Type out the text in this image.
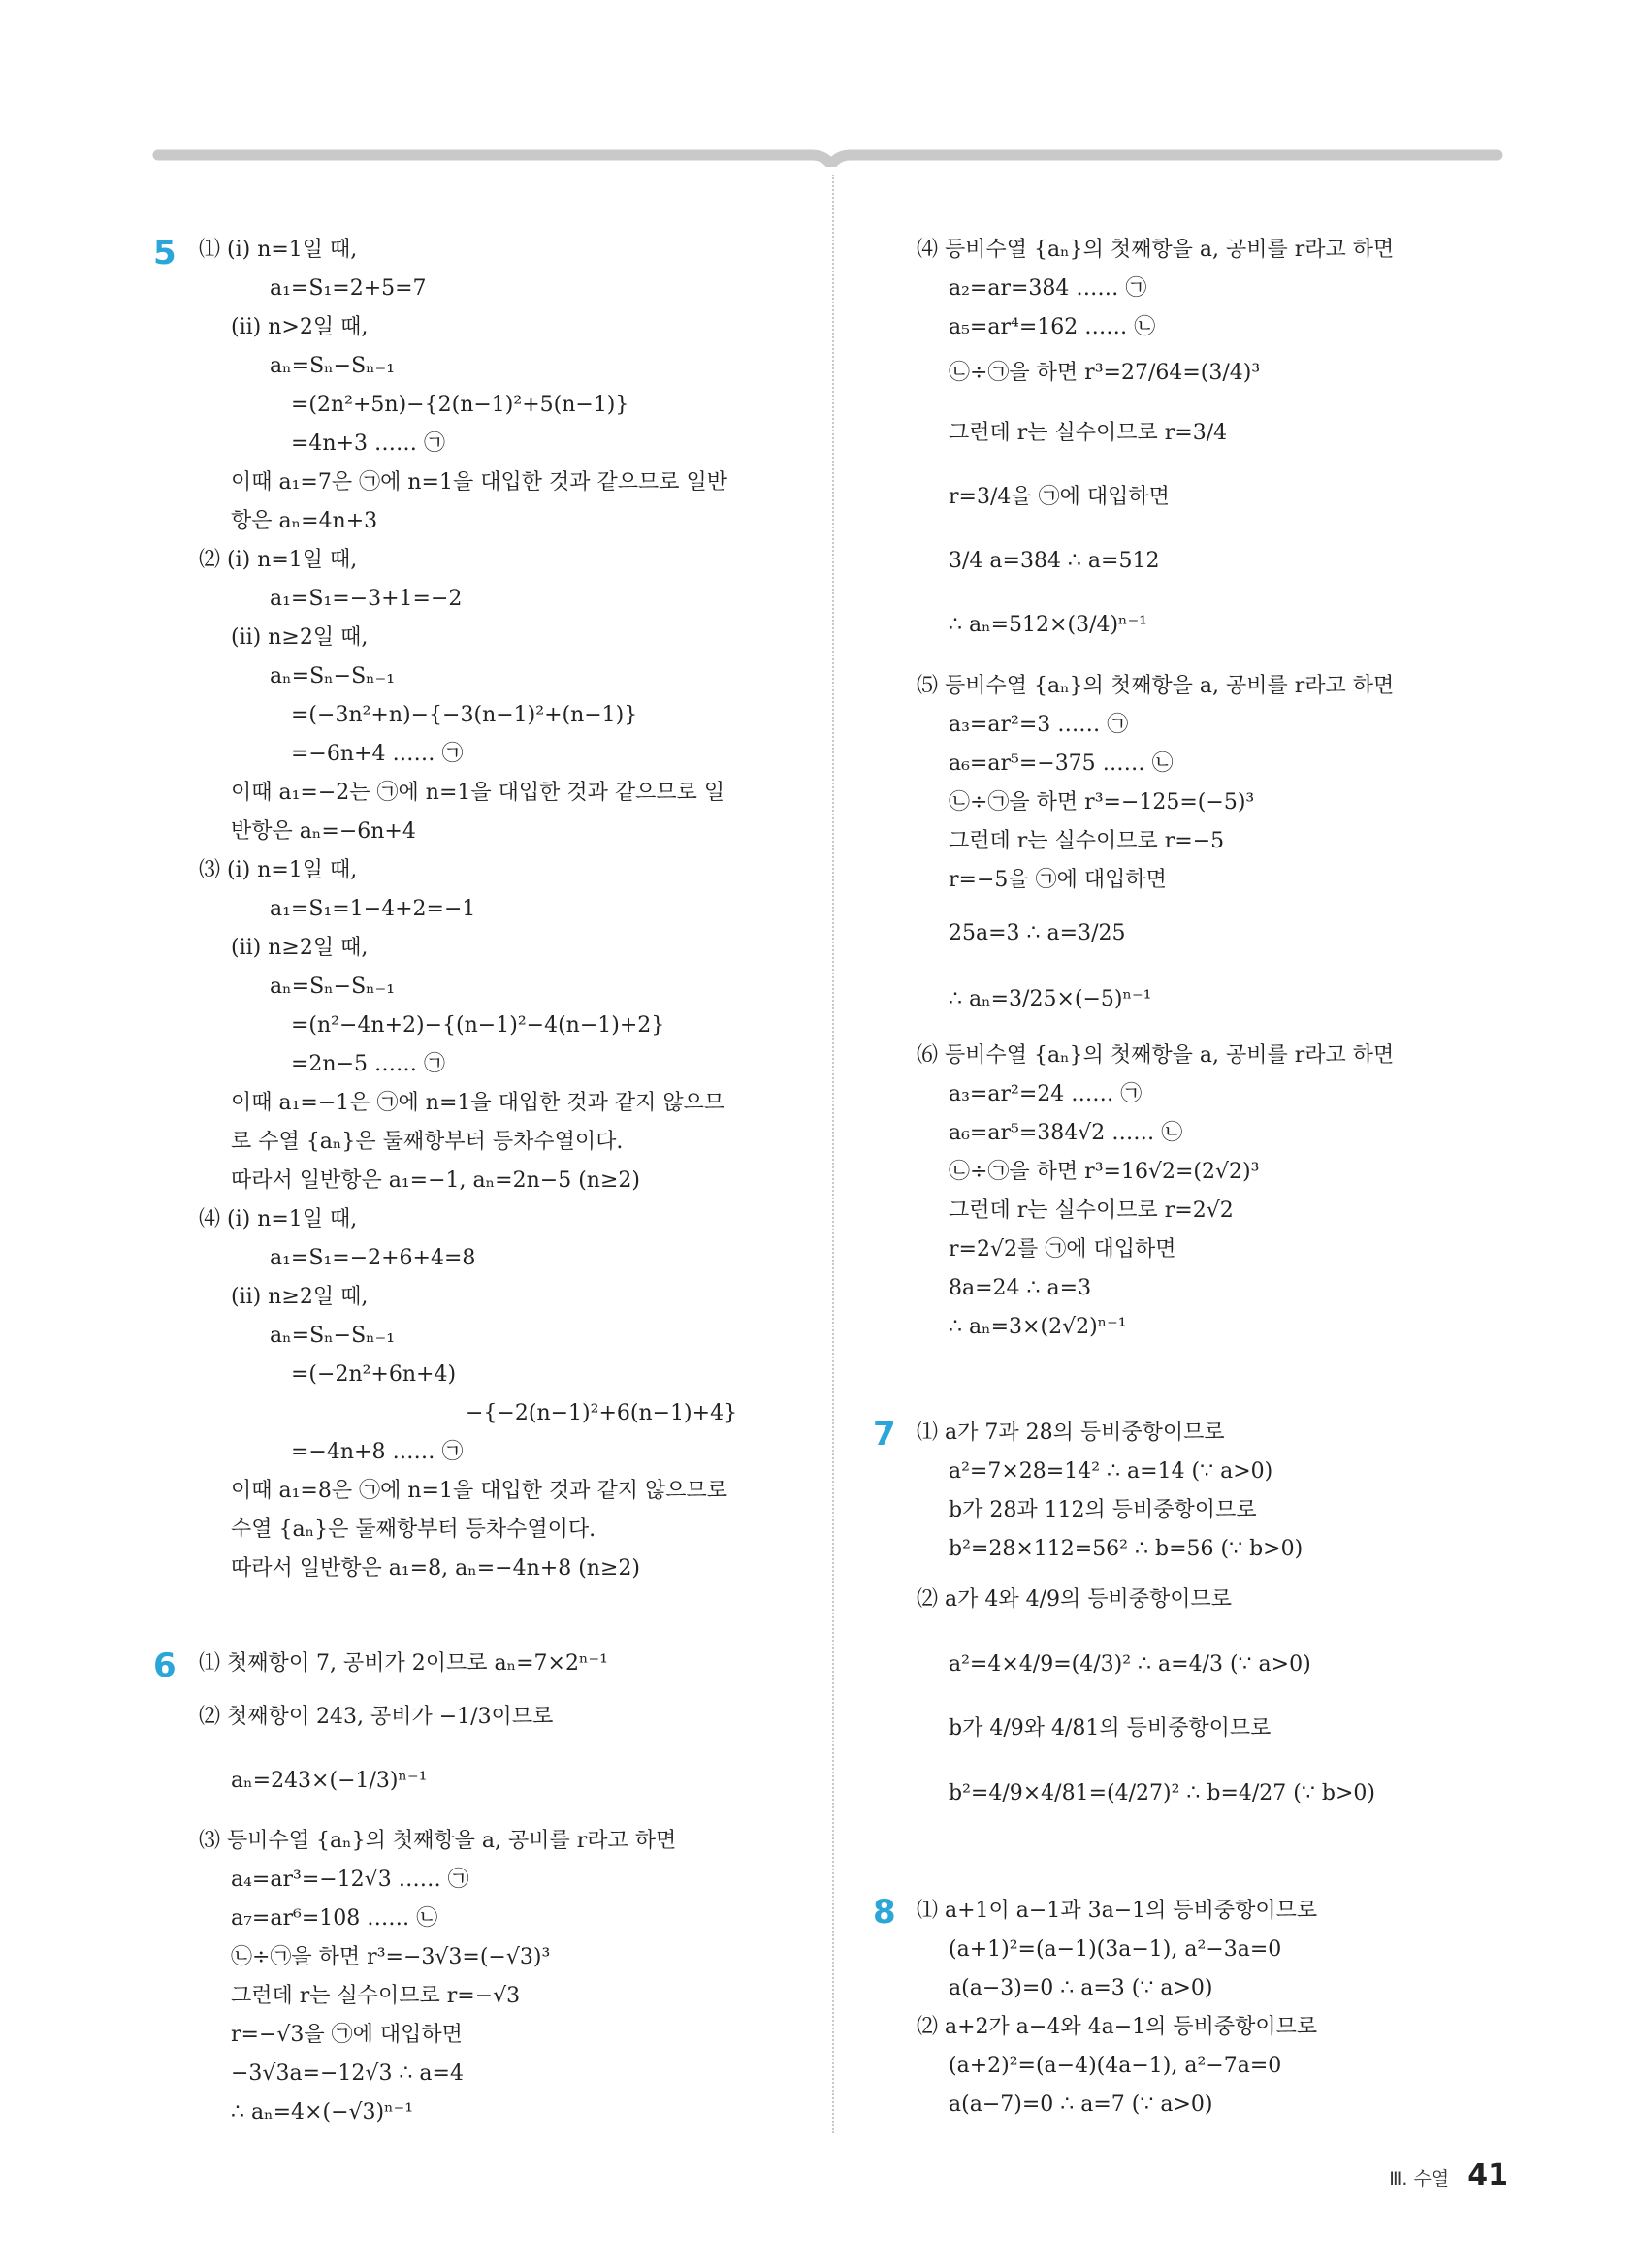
5
6
7
8
⑴ (ⅰ) n=1일 때,
a₁=S₁=2+5=7
(ⅱ) n>2일 때,
aₙ=Sₙ−Sₙ₋₁
=(2n²+5n)−{2(n−1)²+5(n−1)}
=4n+3 …… ㉠
이때 a₁=7은 ㉠에 n=1을 대입한 것과 같으므로 일반
항은 aₙ=4n+3
⑵ (ⅰ) n=1일 때,
a₁=S₁=−3+1=−2
(ⅱ) n≥2일 때,
aₙ=Sₙ−Sₙ₋₁
=(−3n²+n)−{−3(n−1)²+(n−1)}
=−6n+4 …… ㉠
이때 a₁=−2는 ㉠에 n=1을 대입한 것과 같으므로 일
반항은 aₙ=−6n+4
⑶ (ⅰ) n=1일 때,
a₁=S₁=1−4+2=−1
(ⅱ) n≥2일 때,
aₙ=Sₙ−Sₙ₋₁
=(n²−4n+2)−{(n−1)²−4(n−1)+2}
=2n−5 …… ㉠
이때 a₁=−1은 ㉠에 n=1을 대입한 것과 같지 않으므
로 수열 {aₙ}은 둘째항부터 등차수열이다.
따라서 일반항은 a₁=−1, aₙ=2n−5 (n≥2)
⑷ (ⅰ) n=1일 때,
a₁=S₁=−2+6+4=8
(ⅱ) n≥2일 때,
aₙ=Sₙ−Sₙ₋₁
=(−2n²+6n+4)
−{−2(n−1)²+6(n−1)+4}
=−4n+8 …… ㉠
이때 a₁=8은 ㉠에 n=1을 대입한 것과 같지 않으므로
수열 {aₙ}은 둘째항부터 등차수열이다.
따라서 일반항은 a₁=8, aₙ=−4n+8 (n≥2)
⑴ 첫째항이 7, 공비가 2이므로 aₙ=7×2ⁿ⁻¹
⑵ 첫째항이 243, 공비가 −1/3이므로
aₙ=243×(−1/3)ⁿ⁻¹
⑶ 등비수열 {aₙ}의 첫째항을 a, 공비를 r라고 하면
a₄=ar³=−12√3 …… ㉠
a₇=ar⁶=108 …… ㉡
㉡÷㉠을 하면 r³=−3√3=(−√3)³
그런데 r는 실수이므로 r=−√3
r=−√3을 ㉠에 대입하면
−3√3a=−12√3 ∴ a=4
∴ aₙ=4×(−√3)ⁿ⁻¹
⑷ 등비수열 {aₙ}의 첫째항을 a, 공비를 r라고 하면
a₂=ar=384 …… ㉠
a₅=ar⁴=162 …… ㉡
㉡÷㉠을 하면 r³=27/64=(3/4)³
그런데 r는 실수이므로 r=3/4
r=3/4을 ㉠에 대입하면
3/4 a=384 ∴ a=512
∴ aₙ=512×(3/4)ⁿ⁻¹
⑸ 등비수열 {aₙ}의 첫째항을 a, 공비를 r라고 하면
a₃=ar²=3 …… ㉠
a₆=ar⁵=−375 …… ㉡
㉡÷㉠을 하면 r³=−125=(−5)³
그런데 r는 실수이므로 r=−5
r=−5을 ㉠에 대입하면
25a=3 ∴ a=3/25
∴ aₙ=3/25×(−5)ⁿ⁻¹
⑹ 등비수열 {aₙ}의 첫째항을 a, 공비를 r라고 하면
a₃=ar²=24 …… ㉠
a₆=ar⁵=384√2 …… ㉡
㉡÷㉠을 하면 r³=16√2=(2√2)³
그런데 r는 실수이므로 r=2√2
r=2√2를 ㉠에 대입하면
8a=24 ∴ a=3
∴ aₙ=3×(2√2)ⁿ⁻¹
⑴ a가 7과 28의 등비중항이므로
a²=7×28=14² ∴ a=14 (∵ a>0)
b가 28과 112의 등비중항이므로
b²=28×112=56² ∴ b=56 (∵ b>0)
⑵ a가 4와 4/9의 등비중항이므로
a²=4×4/9=(4/3)² ∴ a=4/3 (∵ a>0)
b가 4/9와 4/81의 등비중항이므로
b²=4/9×4/81=(4/27)² ∴ b=4/27 (∵ b>0)
⑴ a+1이 a−1과 3a−1의 등비중항이므로
(a+1)²=(a−1)(3a−1), a²−3a=0
a(a−3)=0 ∴ a=3 (∵ a>0)
⑵ a+2가 a−4와 4a−1의 등비중항이므로
(a+2)²=(a−4)(4a−1), a²−7a=0
a(a−7)=0 ∴ a=7 (∵ a>0)
Ⅲ. 수열 41
